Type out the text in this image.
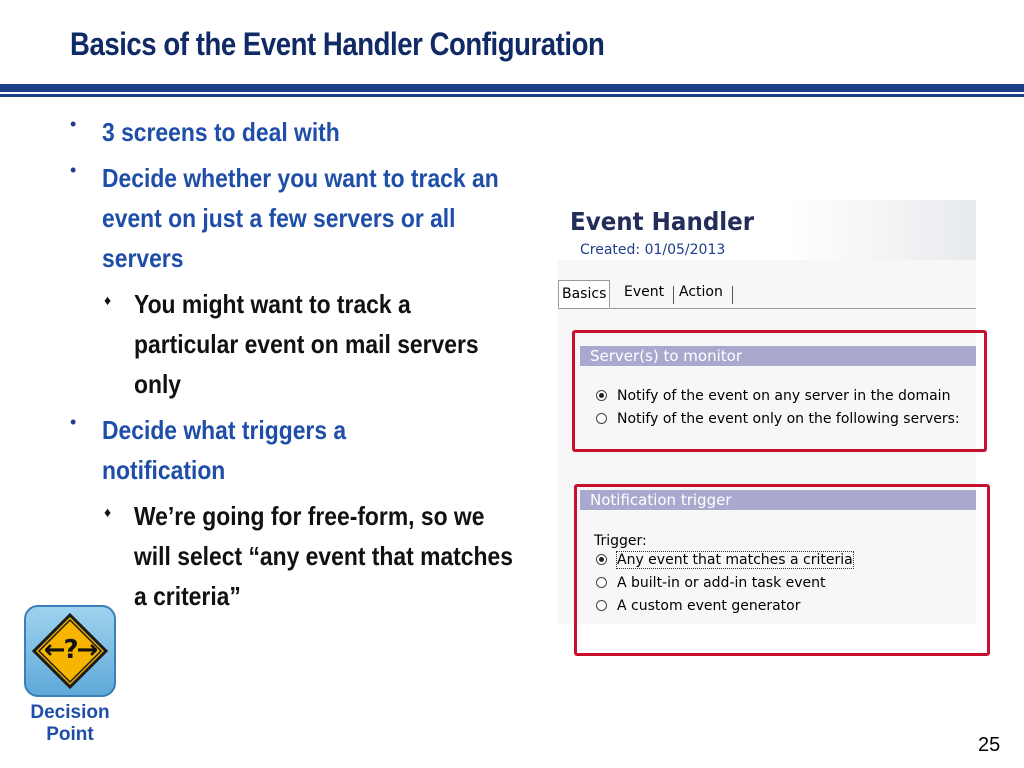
Basics of the Event Handler Configuration
• 3 screens to deal with
• Decide whether you want to track an event on just a few servers or all servers
♦ You might want to track a particular event on mail servers only
• Decide what triggers a notification
♦ We’re going for free-form, so we will select “any event that matches a criteria”
Event Handler
Created: 01/05/2013
Basics Event Action
Server(s) to monitor
Notify of the event on any server in the domain
Notify of the event only on the following servers:
Notification trigger
Trigger:
Any event that matches a criteria
A built-in or add-in task event
A custom event generator
←?→
Decision
Point	25
